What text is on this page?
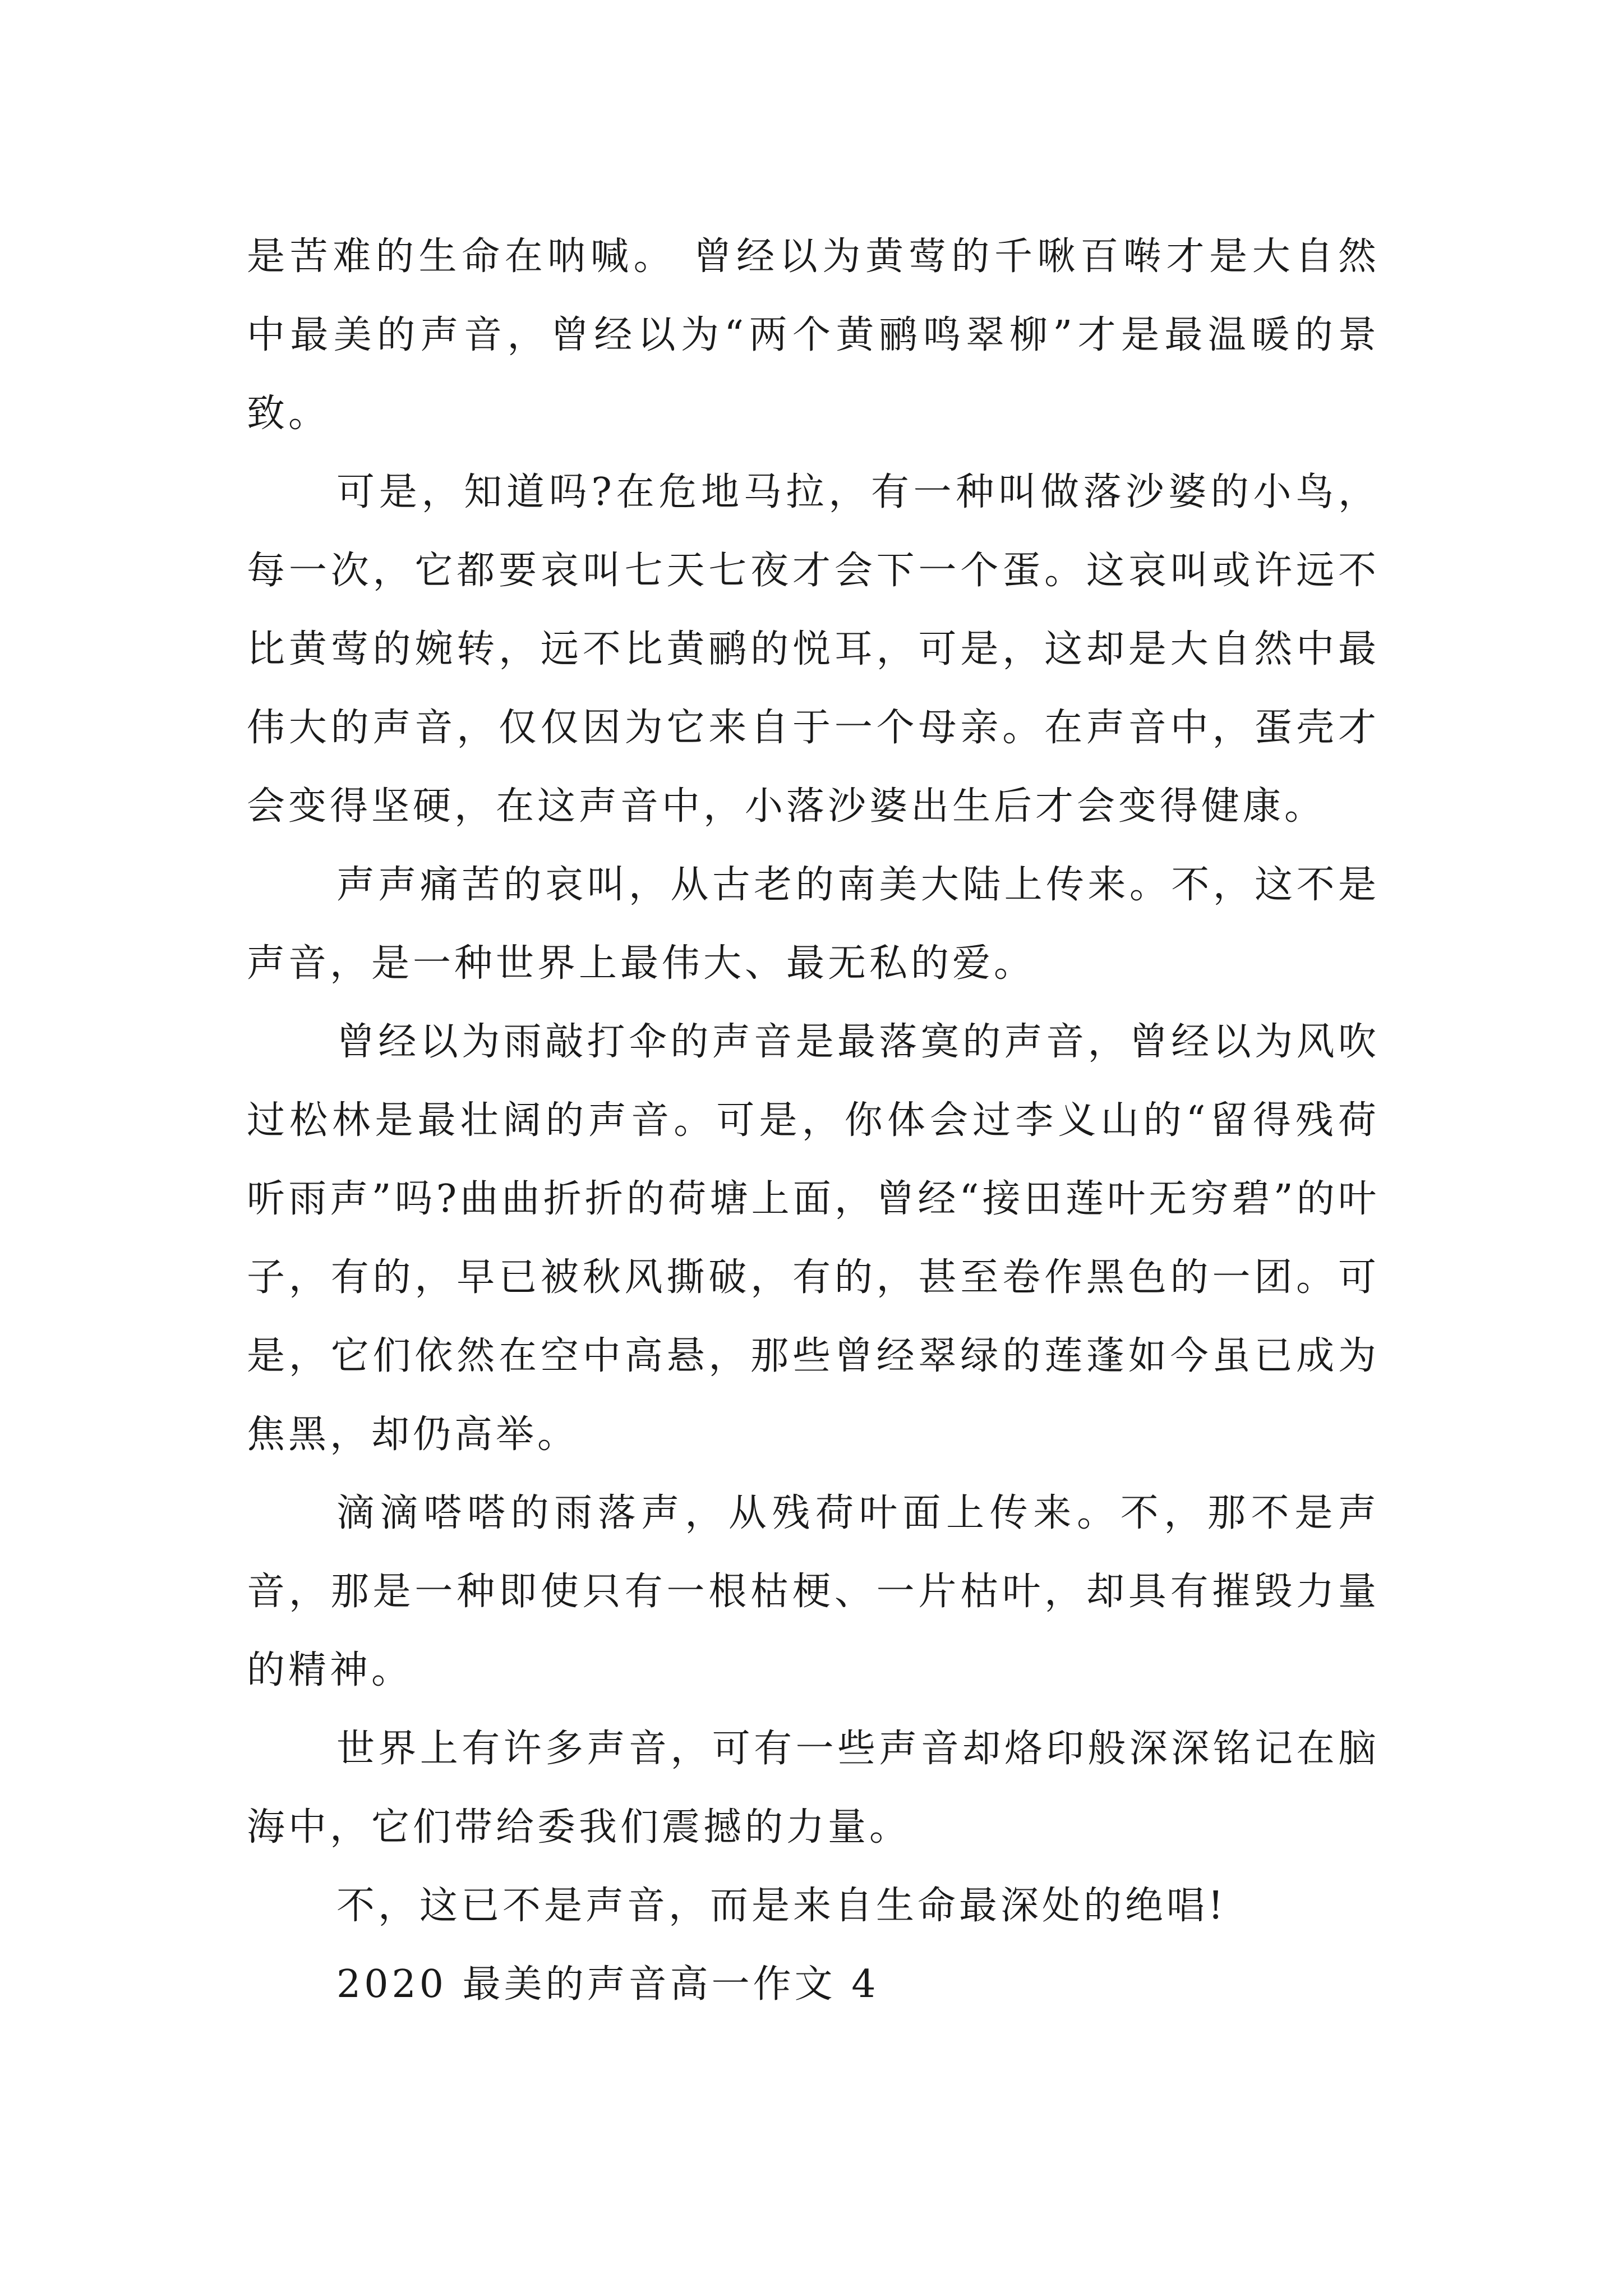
是苦难的生命在呐喊。 曾经以为黄莺的千啾百啭才是大自然中最美的声音，曾经以为“两个黄鹂鸣翠柳”才是最温暖的景致。

可是，知道吗?在危地马拉，有一种叫做落沙婆的小鸟，每一次，它都要哀叫七天七夜才会下一个蛋。这哀叫或许远不比黄莺的婉转，远不比黄鹂的悦耳，可是，这却是大自然中最伟大的声音，仅仅因为它来自于一个母亲。在声音中，蛋壳才会变得坚硬，在这声音中，小落沙婆出生后才会变得健康。

声声痛苦的哀叫，从古老的南美大陆上传来。不，这不是声音，是一种世界上最伟大、最无私的爱。

曾经以为雨敲打伞的声音是最落寞的声音，曾经以为风吹过松林是最壮阔的声音。可是，你体会过李义山的“留得残荷听雨声”吗?曲曲折折的荷塘上面，曾经“接田莲叶无穷碧”的叶子，有的，早已被秋风撕破，有的，甚至卷作黑色的一团。可是，它们依然在空中高悬，那些曾经翠绿的莲蓬如今虽已成为焦黑，却仍高举。

滴滴嗒嗒的雨落声，从残荷叶面上传来。不，那不是声音，那是一种即使只有一根枯梗、一片枯叶，却具有摧毁力量的精神。

世界上有许多声音，可有一些声音却烙印般深深铭记在脑海中，它们带给委我们震撼的力量。

不，这已不是声音，而是来自生命最深处的绝唱!

2020 最美的声音高一作文 4
